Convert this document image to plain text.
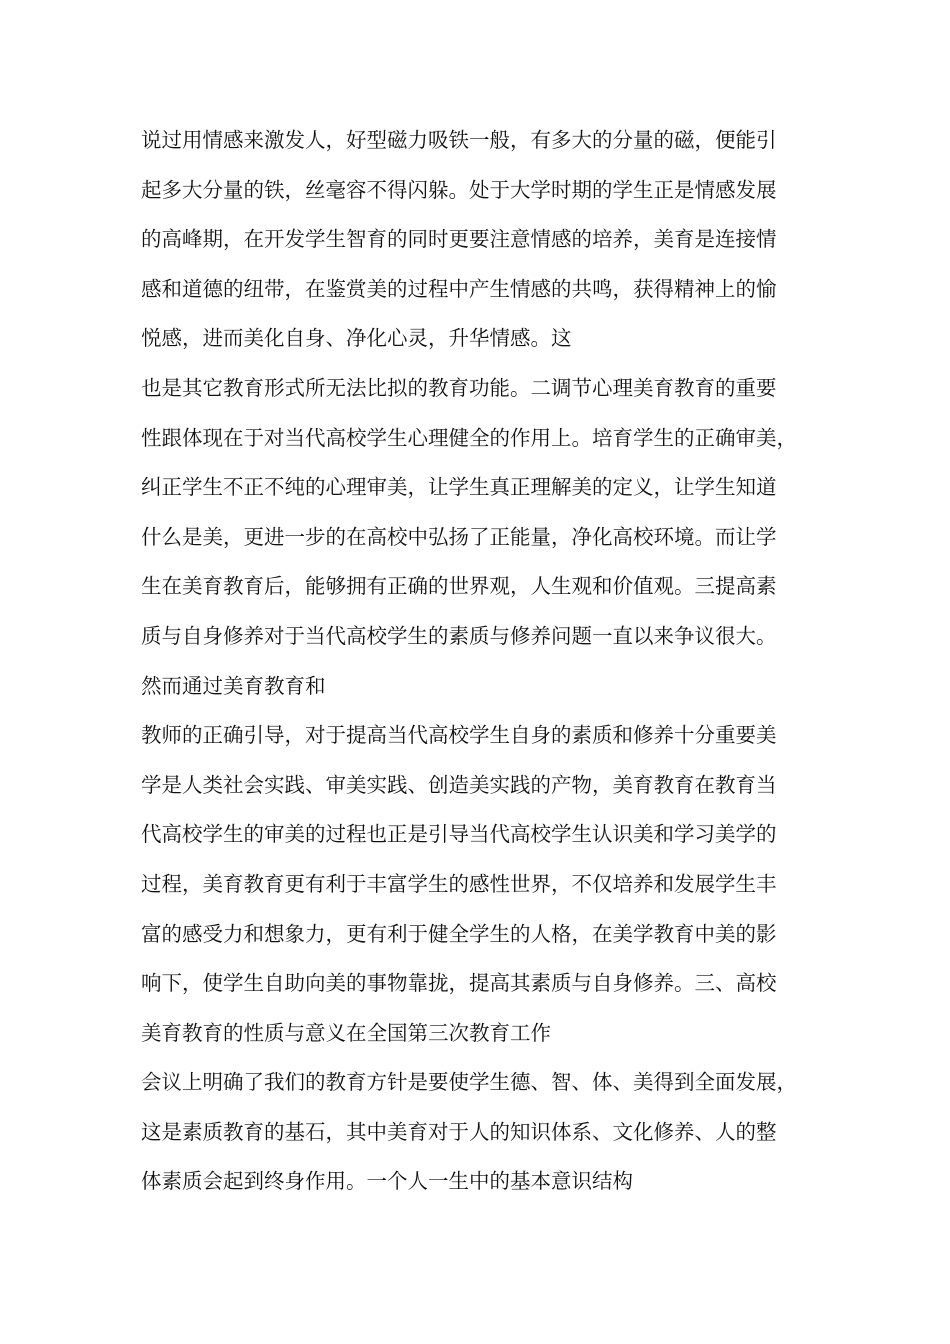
说过用情感来激发人，好型磁力吸铁一般，有多大的分量的磁，便能引

起多大分量的铁，丝毫容不得闪躲。处于大学时期的学生正是情感发展

的高峰期，在开发学生智育的同时更要注意情感的培养，美育是连接情

感和道德的纽带，在鉴赏美的过程中产生情感的共鸣，获得精神上的愉

悦感，进而美化自身、净化心灵，升华情感。这

也是其它教育形式所无法比拟的教育功能。二调节心理美育教育的重要

性跟体现在于对当代高校学生心理健全的作用上。培育学生的正确审美，

纠正学生不正不纯的心理审美，让学生真正理解美的定义，让学生知道

什么是美，更进一步的在高校中弘扬了正能量，净化高校环境。而让学

生在美育教育后，能够拥有正确的世界观，人生观和价值观。三提高素

质与自身修养对于当代高校学生的素质与修养问题一直以来争议很大。

然而通过美育教育和

教师的正确引导，对于提高当代高校学生自身的素质和修养十分重要美

学是人类社会实践、审美实践、创造美实践的产物，美育教育在教育当

代高校学生的审美的过程也正是引导当代高校学生认识美和学习美学的

过程，美育教育更有利于丰富学生的感性世界，不仅培养和发展学生丰

富的感受力和想象力，更有利于健全学生的人格，在美学教育中美的影

响下，使学生自助向美的事物靠拢，提高其素质与自身修养。三、高校

美育教育的性质与意义在全国第三次教育工作

会议上明确了我们的教育方针是要使学生德、智、体、美得到全面发展，

这是素质教育的基石，其中美育对于人的知识体系、文化修养、人的整

体素质会起到终身作用。一个人一生中的基本意识结构
